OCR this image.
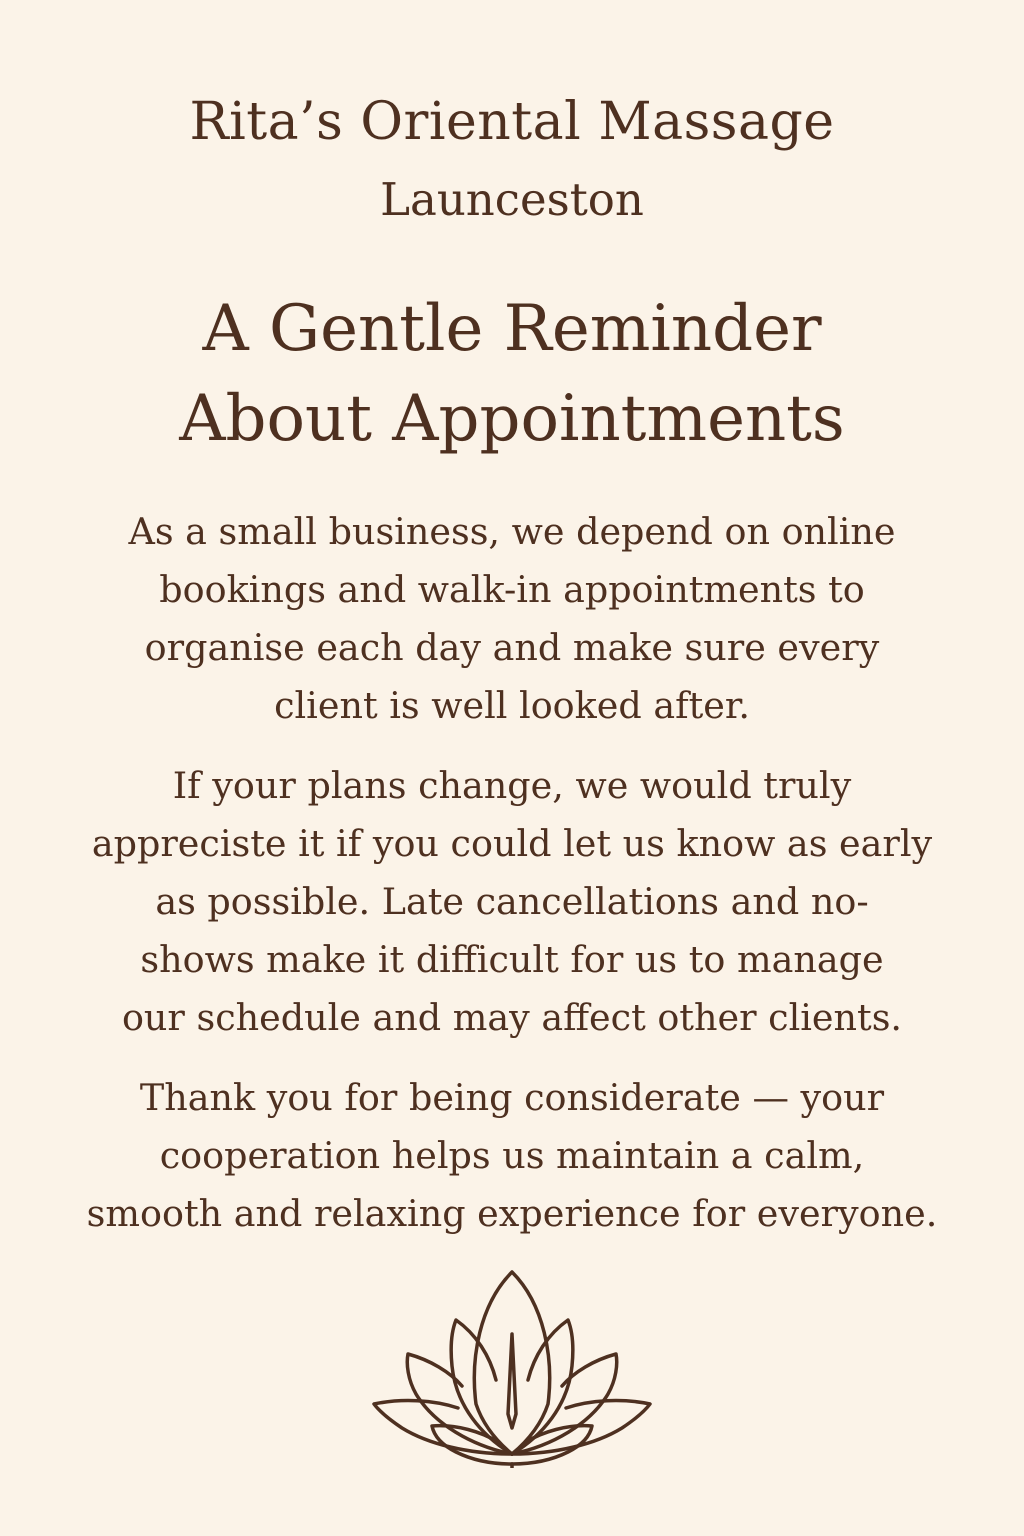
Rita’s Oriental Massage
Launceston
A Gentle Reminder
About Appointments
As a small business, we depend on online
bookings and walk-in appointments to
organise each day and make sure every
client is well looked after.
If your plans change, we would truly
appreciste it if you could let us know as early
as possible. Late cancellations and no-
shows make it difficult for us to manage
our schedule and may affect other clients.
Thank you for being considerate — your
cooperation helps us maintain a calm,
smooth and relaxing experience for everyone.
